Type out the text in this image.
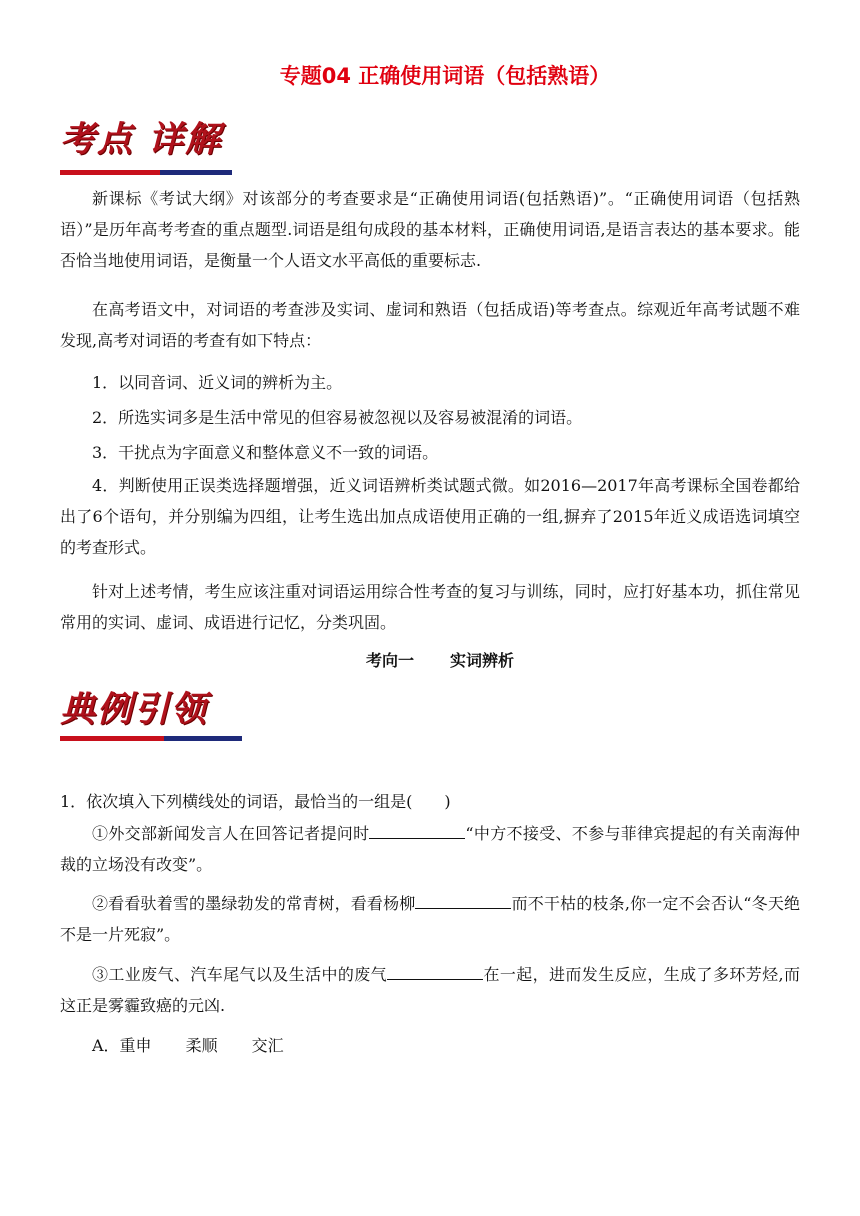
专题04 正确使用词语（包括熟语）
考点 详解

新课标《考试大纲》对该部分的考查要求是“正确使用词语(包括熟语)”。“正确使用词语（包括熟语）”是历年高考考查的重点题型.词语是组句成段的基本材料，正确使用词语,是语言表达的基本要求。能否恰当地使用词语，是衡量一个人语文水平高低的重要标志.

在高考语文中，对词语的考查涉及实词、虚词和熟语（包括成语)等考查点。综观近年高考试题不难发现,高考对词语的考查有如下特点：

1．以同音词、近义词的辨析为主。

2．所选实词多是生活中常见的但容易被忽视以及容易被混淆的词语。

3．干扰点为字面意义和整体意义不一致的词语。

4．判断使用正误类选择题增强，近义词语辨析类试题式微。如2016—2017年高考课标全国卷都给出了6个语句，并分别编为四组，让考生选出加点成语使用正确的一组,摒弃了2015年近义成语选词填空的考查形式。

针对上述考情，考生应该注重对词语运用综合性考查的复习与训练，同时，应打好基本功，抓住常见常用的实词、虚词、成语进行记忆，分类巩固。

考向一 实词辨析
典例引领

1．依次填入下列横线处的词语，最恰当的一组是(　　)

①外交部新闻发言人在回答记者提问时	“中方不接受、不参与菲律宾提起的有关南海仲裁的立场没有改变”。

②看看驮着雪的墨绿勃发的常青树，看看杨柳	而不干枯的枝条,你一定不会否认“冬天绝不是一片死寂”。

③工业废气、汽车尾气以及生活中的废气	在一起，进而发生反应，生成了多环芳烃,而这正是雾霾致癌的元凶.

A．重申 柔顺 交汇
